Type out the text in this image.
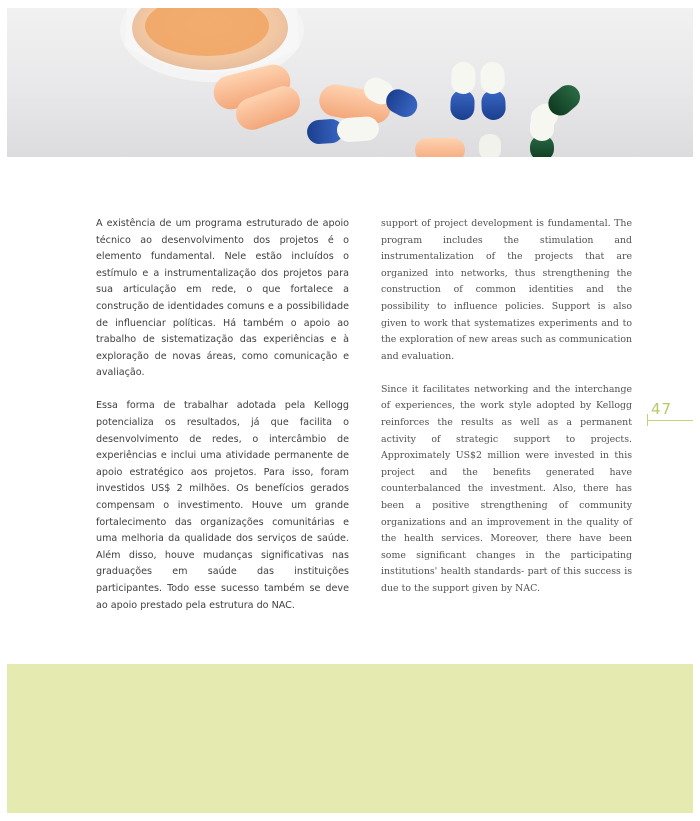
A existência de um programa estruturado de apoio técnico ao desenvolvimento dos projetos é o elemento fundamental. Nele estão incluídos o estímulo e a instrumentalização dos projetos para sua articulação em rede, o que fortalece a construção de identidades comuns e a possibilidade de influenciar políticas. Há também o apoio ao trabalho de sistematização das experiências e à exploração de novas áreas, como comunicação e avaliação.

Essa forma de trabalhar adotada pela Kellogg potencializa os resultados, já que facilita o desenvolvimento de redes, o intercâmbio de experiências e inclui uma atividade permanente de apoio estratégico aos projetos. Para isso, foram investidos US$ 2 milhões. Os benefícios gerados compensam o investimento. Houve um grande fortalecimento das organizações comunitárias e uma melhoria da qualidade dos serviços de saúde. Além disso, houve mudanças significativas nas graduações em saúde das instituições participantes. Todo esse sucesso também se deve ao apoio prestado pela estrutura do NAC.

support of project development is fundamental. The program includes the stimulation and instrumentalization of the projects that are organized into networks, thus strengthening the construction of common identities and the possibility to influence policies. Support is also given to work that systematizes experiments and to the exploration of new areas such as communication and evaluation.

Since it facilitates networking and the interchange of experiences, the work style adopted by Kellogg reinforces the results as well as a permanent activity of strategic support to projects. Approximately US$2 million were invested in this project and the benefits generated have counterbalanced the investment. Also, there has been a positive strengthening of community organizations and an improvement in the quality of the health services. Moreover, there have been some significant changes in the participating institutions' health standards- part of this success is due to the support given by NAC.

47
